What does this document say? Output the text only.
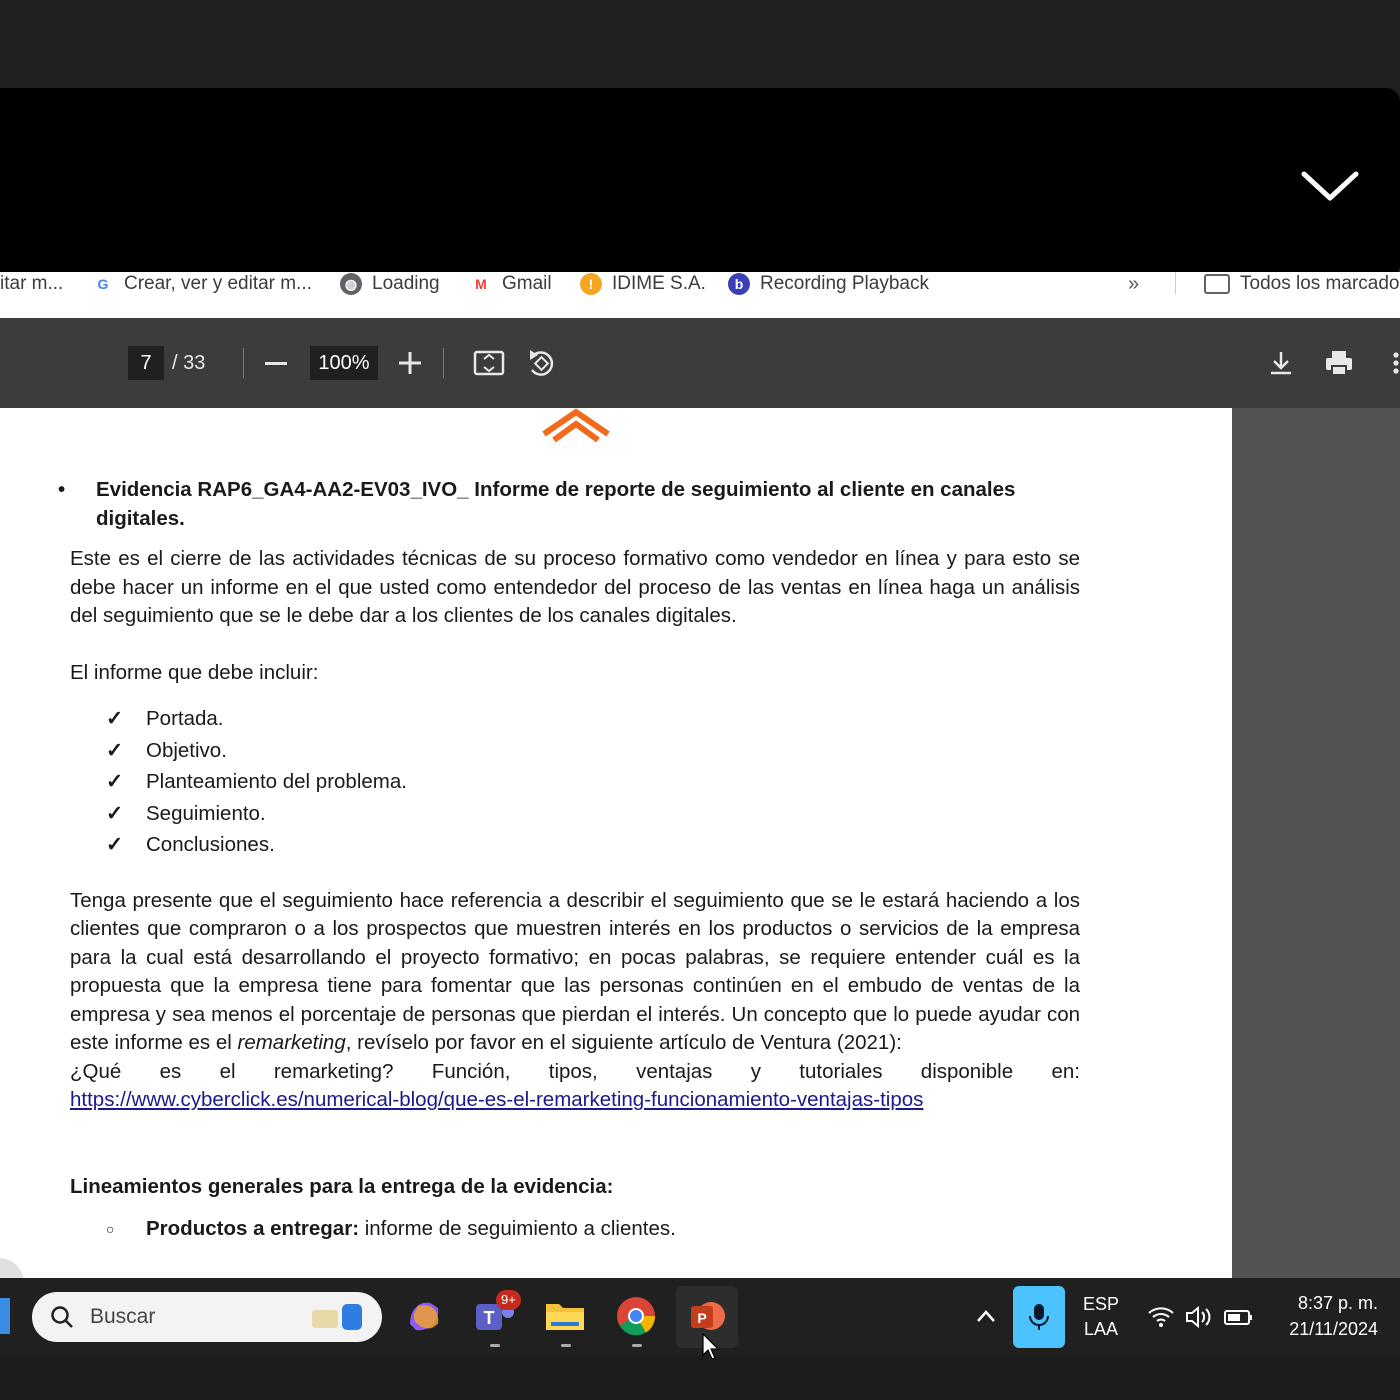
itar m...	G Crear, ver y editar m...	◍ Loading	M Gmail	! IDIME S.A.	b Recording Playback	»	Todos los marcado
7	/ 33	100%
• Evidencia RAP6_GA4-AA2-EV03_IVO_ Informe de reporte de seguimiento al cliente en canales digitales.

Este es el cierre de las actividades técnicas de su proceso formativo como vendedor en línea y para esto se debe hacer un informe en el que usted como entendedor del proceso de las ventas en línea haga un análisis del seguimiento que se le debe dar a los clientes de los canales digitales.

El informe que debe incluir:

✓ Portada.
✓ Objetivo.
✓ Planteamiento del problema.
✓ Seguimiento.
✓ Conclusiones.

Tenga presente que el seguimiento hace referencia a describir el seguimiento que se le estará haciendo a los clientes que compraron o a los prospectos que muestren interés en los productos o servicios de la empresa para la cual está desarrollando el proyecto formativo; en pocas palabras, se requiere entender cuál es la propuesta que la empresa tiene para fomentar que las personas continúen en el embudo de ventas de la empresa y sea menos el porcentaje de personas que pierdan el interés. Un concepto que lo puede ayudar con este informe es el remarketing, revíselo por favor en el siguiente artículo de Ventura (2021):

¿Qué es el remarketing? Función, tipos, ventajas y tutoriales disponible en:
https://www.cyberclick.es/numerical-blog/que-es-el-remarketing-funcionamiento-ventajas-tipos
Lineamientos generales para la entrega de la evidencia:
○ Productos a entregar: informe de seguimiento a clientes.
Buscar	T
9+
P
ESP
LAA
8:37 p. m.
21/11/2024
